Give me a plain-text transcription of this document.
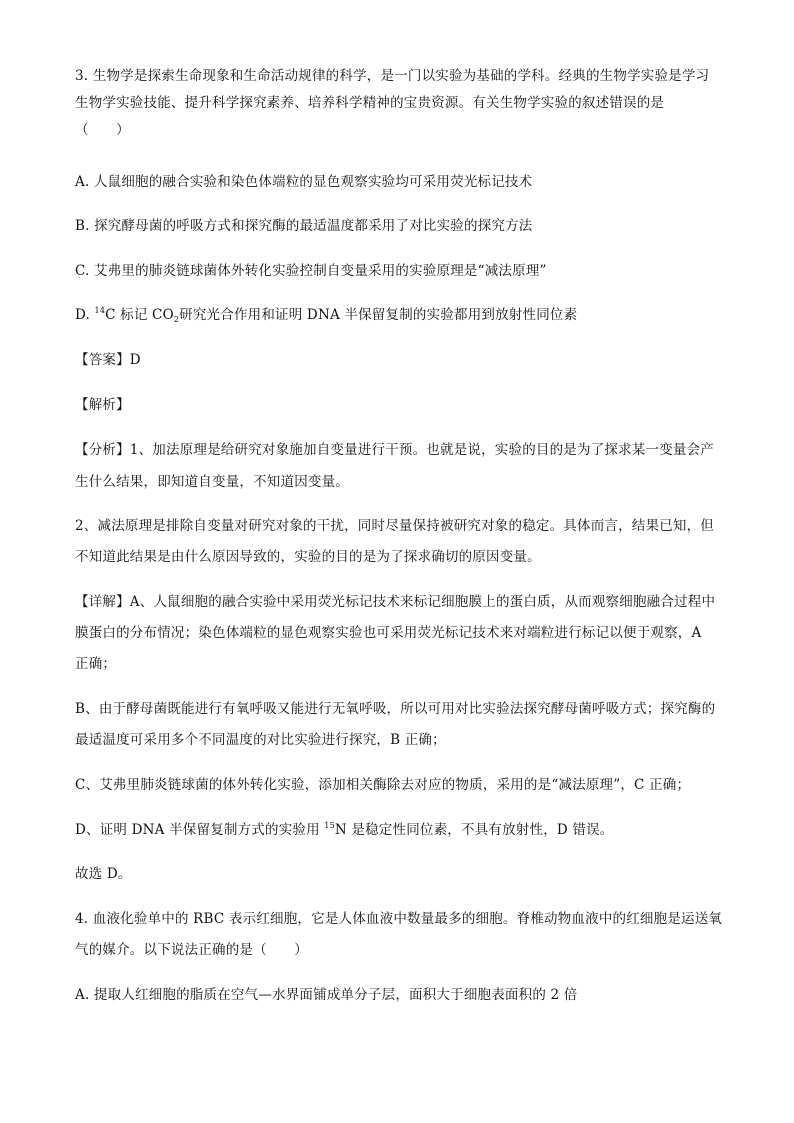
3. 生物学是探索生命现象和生命活动规律的科学，是一门以实验为基础的学科。经典的生物学实验是学习
生物学实验技能、提升科学探究素养、培养科学精神的宝贵资源。有关生物学实验的叙述错误的是
（　　）
A. 人鼠细胞的融合实验和染色体端粒的显色观察实验均可采用荧光标记技术
B. 探究酵母菌的呼吸方式和探究酶的最适温度都采用了对比实验的探究方法
C. 艾弗里的肺炎链球菌体外转化实验控制自变量采用的实验原理是“减法原理”
D. $^{14}$C 标记 $CO_2$研究光合作用和证明 DNA 半保留复制的实验都用到放射性同位素
【答案】D
【解析】
【分析】1、加法原理是给研究对象施加自变量进行干预。也就是说，实验的目的是为了探求某一变量会产
生什么结果，即知道自变量，不知道因变量。
2、减法原理是排除自变量对研究对象的干扰，同时尽量保持被研究对象的稳定。具体而言，结果已知，但
不知道此结果是由什么原因导致的，实验的目的是为了探求确切的原因变量。
【详解】A、人鼠细胞的融合实验中采用荧光标记技术来标记细胞膜上的蛋白质，从而观察细胞融合过程中
膜蛋白的分布情况；染色体端粒的显色观察实验也可采用荧光标记技术来对端粒进行标记以便于观察，A
正确；
B、由于酵母菌既能进行有氧呼吸又能进行无氧呼吸，所以可用对比实验法探究酵母菌呼吸方式；探究酶的
最适温度可采用多个不同温度的对比实验进行探究，B 正确；
C、艾弗里肺炎链球菌的体外转化实验，添加相关酶除去对应的物质，采用的是“减法原理”，C 正确；
D、证明 DNA 半保留复制方式的实验用 $^{15}$N 是稳定性同位素，不具有放射性，D 错误。
故选 D。
4. 血液化验单中的 RBC 表示红细胞，它是人体血液中数量最多的细胞。脊椎动物血液中的红细胞是运送氧
气的媒介。以下说法正确的是（　　）
A. 提取人红细胞的脂质在空气—水界面铺成单分子层，面积大于细胞表面积的 2 倍
